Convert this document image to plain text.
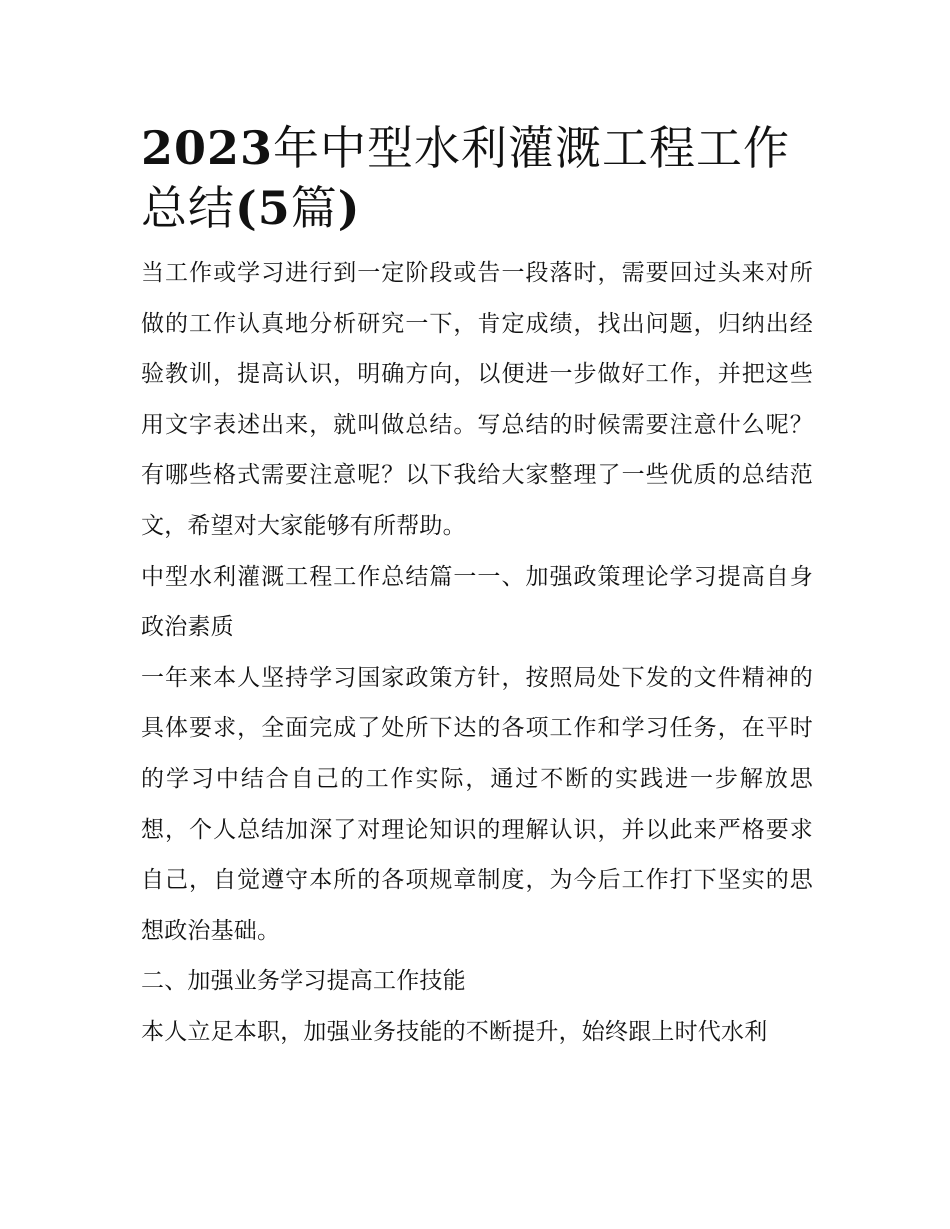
2023年中型水利灌溉工程工作总结(5篇)

当工作或学习进行到一定阶段或告一段落时，需要回过头来对所做的工作认真地分析研究一下，肯定成绩，找出问题，归纳出经验教训，提高认识，明确方向，以便进一步做好工作，并把这些用文字表述出来，就叫做总结。写总结的时候需要注意什么呢？有哪些格式需要注意呢？以下我给大家整理了一些优质的总结范文，希望对大家能够有所帮助。

中型水利灌溉工程工作总结篇一一、加强政策理论学习提高自身政治素质

一年来本人坚持学习国家政策方针，按照局处下发的文件精神的具体要求，全面完成了处所下达的各项工作和学习任务，在平时的学习中结合自己的工作实际，通过不断的实践进一步解放思想，个人总结加深了对理论知识的理解认识，并以此来严格要求自己，自觉遵守本所的各项规章制度，为今后工作打下坚实的思想政治基础。

二、加强业务学习提高工作技能

本人立足本职，加强业务技能的不断提升，始终跟上时代水利
